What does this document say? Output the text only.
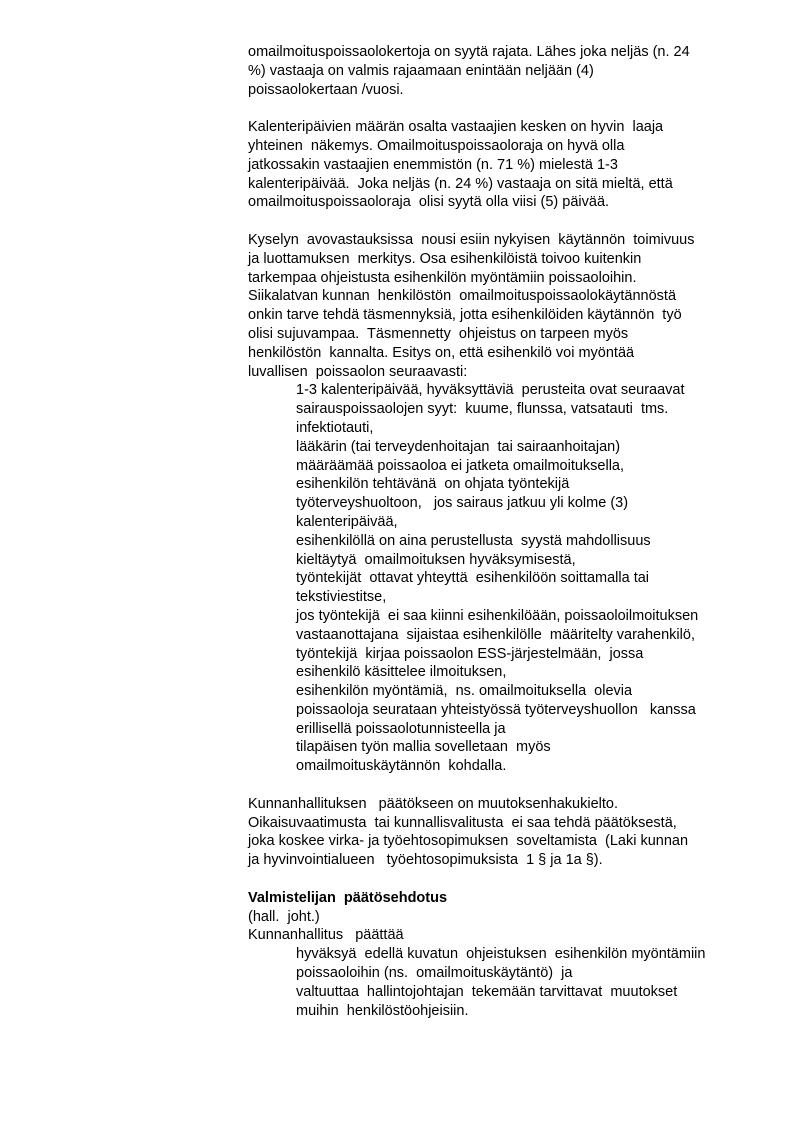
omailmoituspoissaolokertoja on syytä rajata. Lähes joka neljäs (n. 24
%) vastaaja on valmis rajaamaan enintään neljään (4)
poissaolokertaan /vuosi.
Kalenteripäivien määrän osalta vastaajien kesken on hyvin  laaja
yhteinen  näkemys. Omailmoituspoissaoloraja on hyvä olla
jatkossakin vastaajien enemmistön (n. 71 %) mielestä 1-3
kalenteripäivää.  Joka neljäs (n. 24 %) vastaaja on sitä mieltä, että
omailmoituspoissaoloraja  olisi syytä olla viisi (5) päivää.
Kyselyn  avovastauksissa  nousi esiin nykyisen  käytännön  toimivuus
ja luottamuksen  merkitys. Osa esihenkilöistä toivoo kuitenkin
tarkempaa ohjeistusta esihenkilön myöntämiin poissaoloihin.
Siikalatvan kunnan  henkilöstön  omailmoituspoissaolokäytännöstä
onkin tarve tehdä täsmennyksiä, jotta esihenkilöiden käytännön  työ
olisi sujuvampaa.  Täsmennetty  ohjeistus on tarpeen myös
henkilöstön  kannalta. Esitys on, että esihenkilö voi myöntää
luvallisen  poissaolon seuraavasti:
1-3 kalenteripäivää, hyväksyttäviä  perusteita ovat seuraavat
sairauspoissaolojen syyt:  kuume, flunssa, vatsatauti  tms.
infektiotauti,
lääkärin (tai terveydenhoitajan  tai sairaanhoitajan)
määräämää poissaoloa ei jatketa omailmoituksella,
esihenkilön tehtävänä  on ohjata työntekijä
työterveyshuoltoon,   jos sairaus jatkuu yli kolme (3)
kalenteripäivää,
esihenkilöllä on aina perustellusta  syystä mahdollisuus
kieltäytyä  omailmoituksen hyväksymisestä,
työntekijät  ottavat yhteyttä  esihenkilöön soittamalla tai
tekstiviestitse,
jos työntekijä  ei saa kiinni esihenkilöään, poissaoloilmoituksen
vastaanottajana  sijaistaa esihenkilölle  määritelty varahenkilö,
työntekijä  kirjaa poissaolon ESS-järjestelmään,  jossa
esihenkilö käsittelee ilmoituksen,
esihenkilön myöntämiä,  ns. omailmoituksella  olevia
poissaoloja seurataan yhteistyössä työterveyshuollon   kanssa
erillisellä poissaolotunnisteella ja
tilapäisen työn mallia sovelletaan  myös
omailmoituskäytännön  kohdalla.
Kunnanhallituksen   päätökseen on muutoksenhakukielto.
Oikaisuvaatimusta  tai kunnallisvalitusta  ei saa tehdä päätöksestä,
joka koskee virka- ja työehtosopimuksen  soveltamista  (Laki kunnan
ja hyvinvointialueen   työehtosopimuksista  1 § ja 1a §).
Valmistelijan  päätösehdotus
(hall.  joht.)
Kunnanhallitus   päättää
hyväksyä  edellä kuvatun  ohjeistuksen  esihenkilön myöntämiin
poissaoloihin (ns.  omailmoituskäytäntö)  ja
valtuuttaa  hallintojohtajan  tekemään tarvittavat  muutokset
muihin  henkilöstöohjeisiin.
